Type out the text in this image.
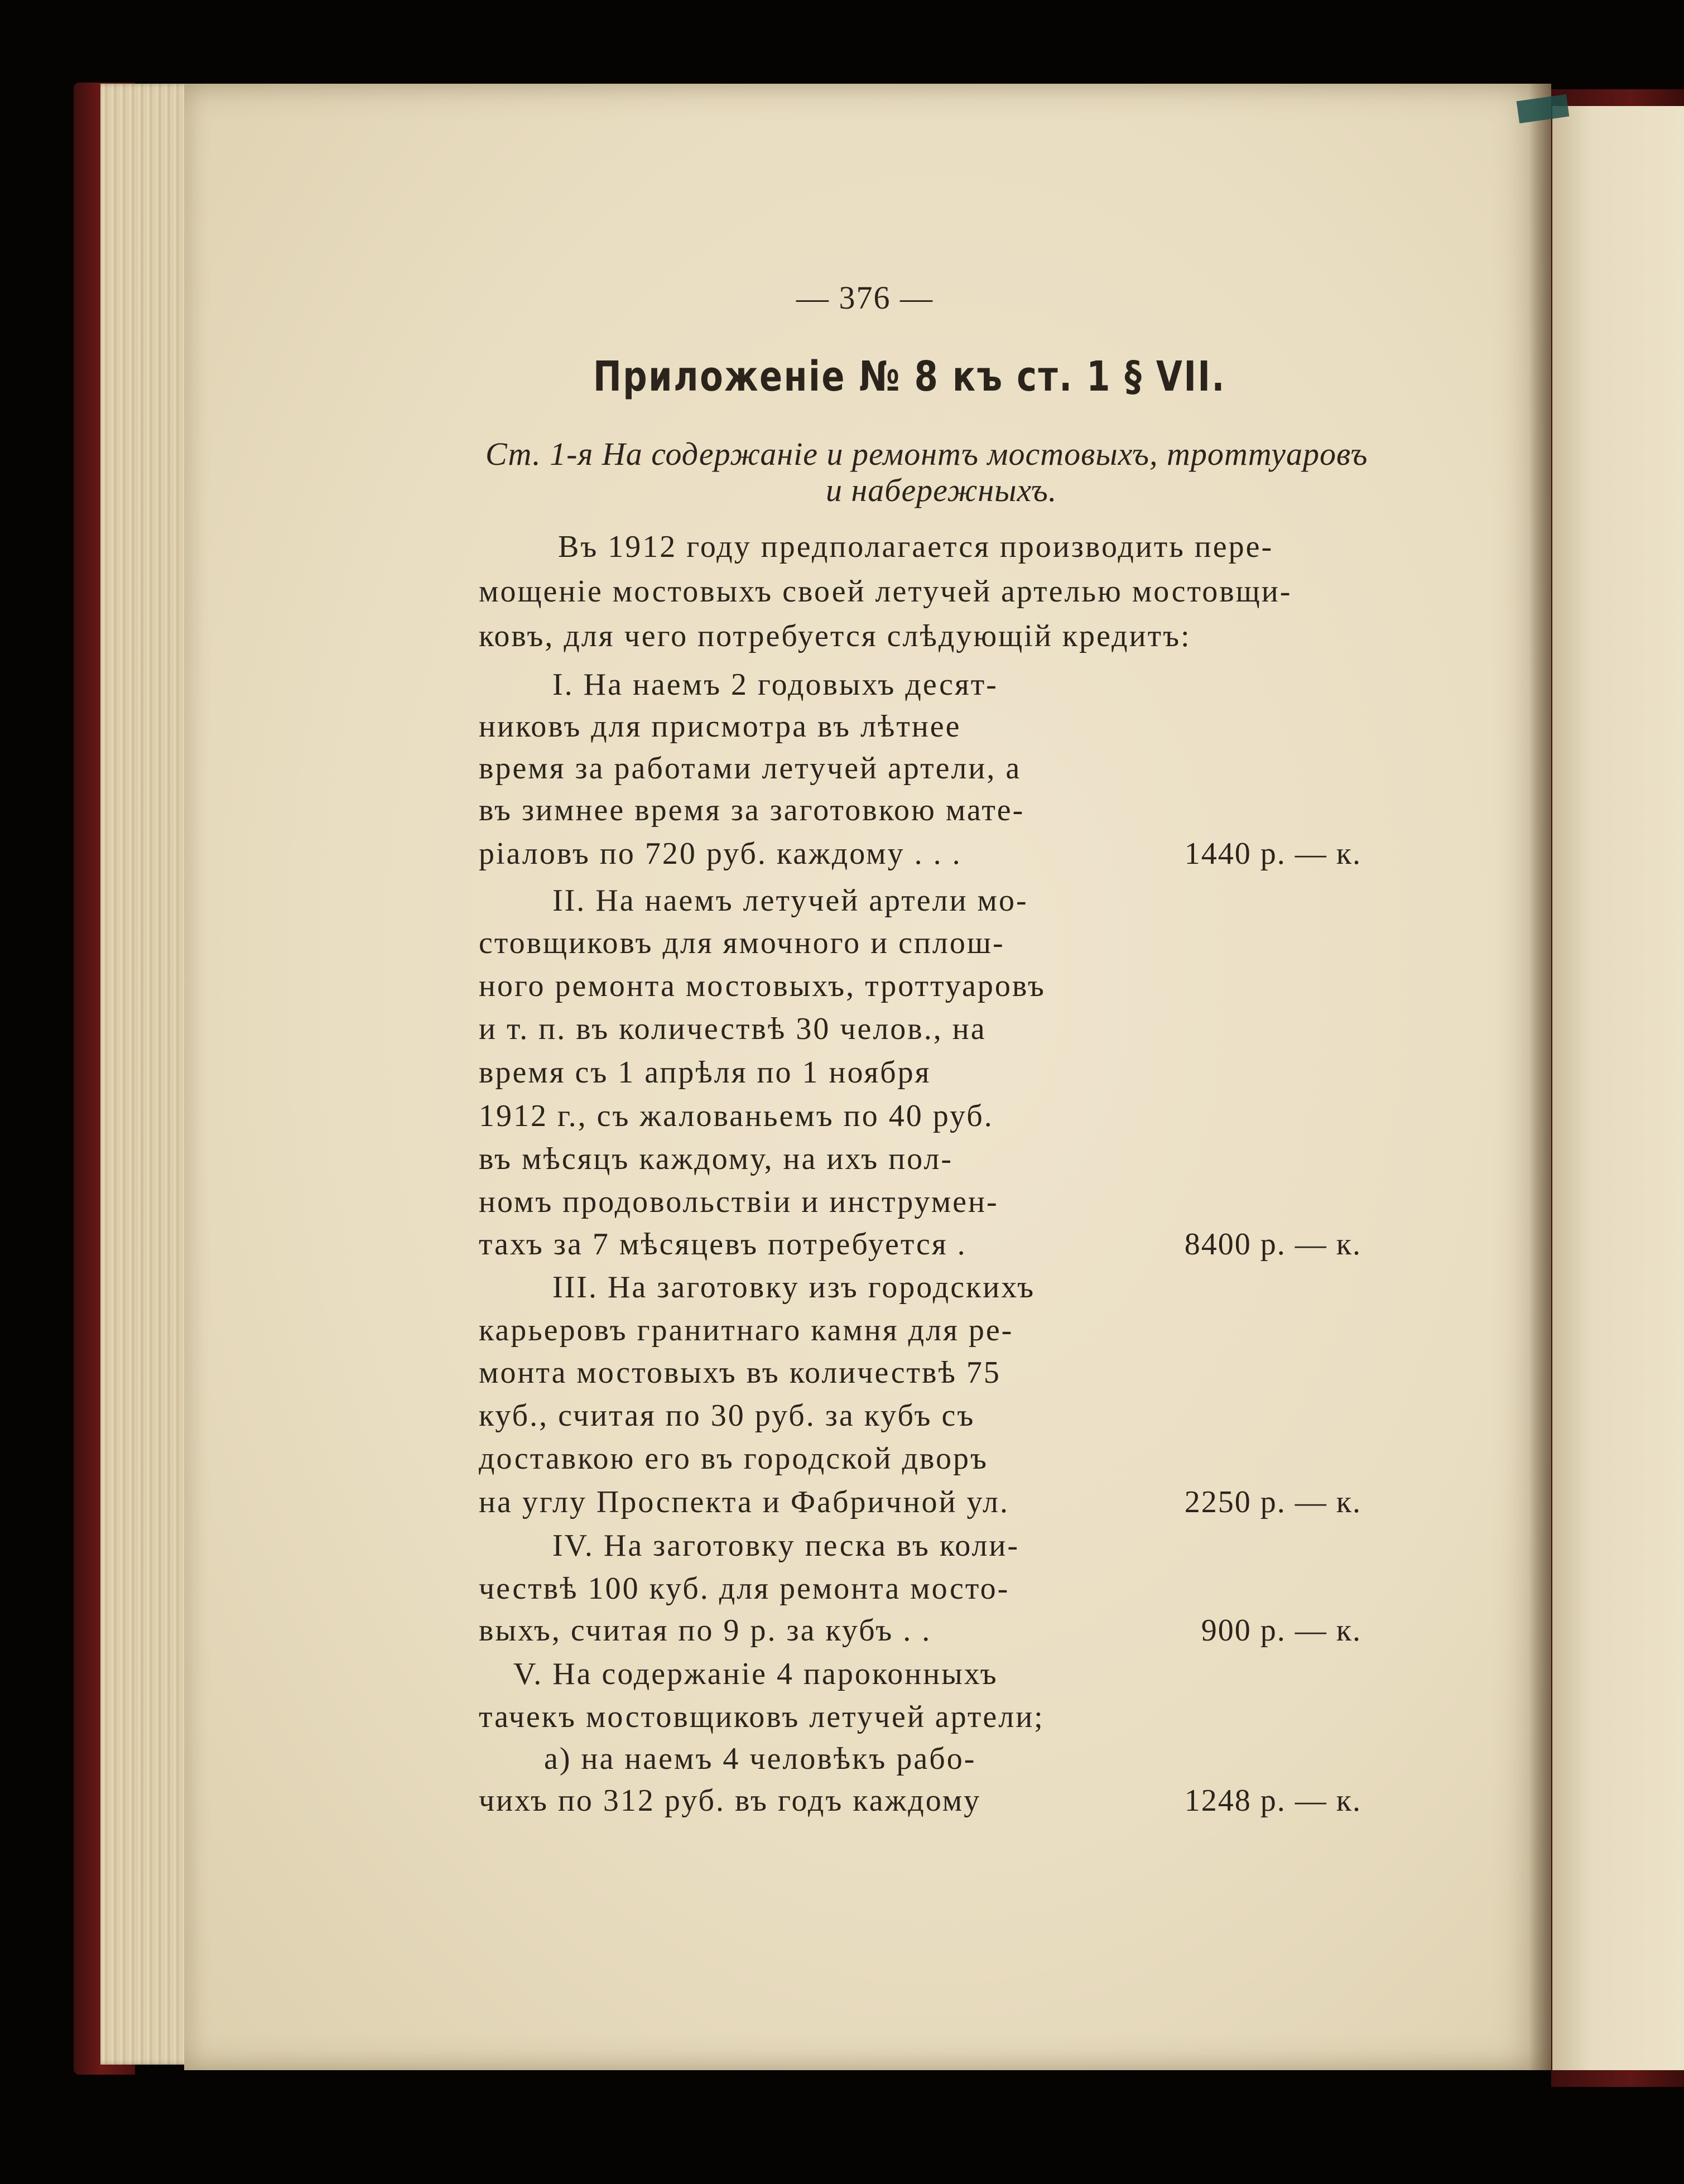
— 376 —
Приложеніе № 8 къ ст. 1 § VII.
Ст. 1-я На содержаніе и ремонтъ мостовыхъ, троттуаровъ
и набережныхъ.
Въ 1912 году предполагается производить пере-
мощеніе мостовыхъ своей летучей артелью мостовщи-
ковъ, для чего потребуется слѣдующій кредитъ:
I. На наемъ 2 годовыхъ десят-
никовъ для присмотра въ лѣтнее
время за работами летучей артели, а
въ зимнее время за заготовкою мате-
ріаловъ по 720 руб. каждому . . .	1440 р. — к.
II. На наемъ летучей артели мо-
стовщиковъ для ямочного и сплош-
ного ремонта мостовыхъ, троттуаровъ
и т. п. въ количествѣ 30 челов., на
время съ 1 апрѣля по 1 ноября
1912 г., съ жалованьемъ по 40 руб.
въ мѣсяцъ каждому, на ихъ пол-
номъ продовольствіи и инструмен-
тахъ за 7 мѣсяцевъ потребуется .	8400 р. — к.
III. На заготовку изъ городскихъ
карьеровъ гранитнаго камня для ре-
монта мостовыхъ въ количествѣ 75
куб., считая по 30 руб. за кубъ съ
доставкою его въ городской дворъ
на углу Проспекта и Фабричной ул.	2250 р. — к.
IV. На заготовку песка въ коли-
чествѣ 100 куб. для ремонта мосто-
выхъ, считая по 9 р. за кубъ . .	900 р. — к.
V. На содержаніе 4 пароконныхъ
тачекъ мостовщиковъ летучей артели;
а) на наемъ 4 человѣкъ рабо-
чихъ по 312 руб. въ годъ каждому	1248 р. — к.
